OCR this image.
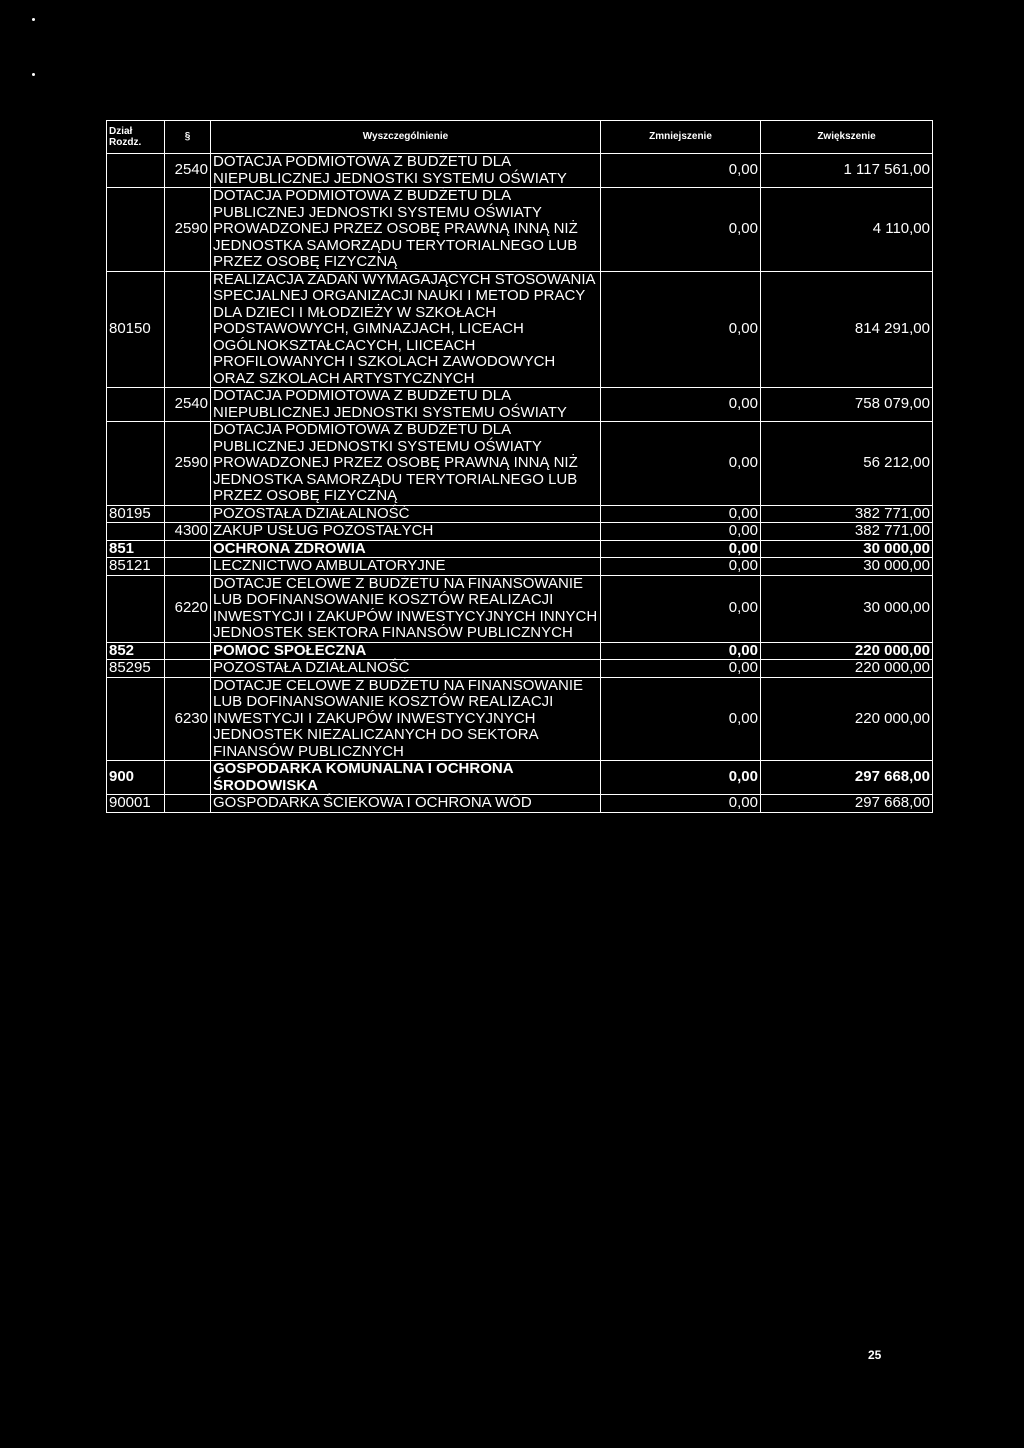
Dział
Rozdz.	§	Wyszczególnienie	Zmniejszenie	Zwiększenie
	2540	DOTACJA PODMIOTOWA Z BUDŻETU DLA NIEPUBLICZNEJ JEDNOSTKI SYSTEMU OŚWIATY	0,00	1 117 561,00
	2590	DOTACJA PODMIOTOWA Z BUDŻETU DLA PUBLICZNEJ JEDNOSTKI SYSTEMU OŚWIATY PROWADZONEJ PRZEZ OSOBĘ PRAWNĄ INNĄ NIŻ JEDNOSTKA SAMORZĄDU TERYTORIALNEGO LUB PRZEZ OSOBĘ FIZYCZNĄ	0,00	4 110,00
80150		REALIZACJA ZADAŃ WYMAGAJĄCYCH STOSOWANIA SPECJALNEJ ORGANIZACJI NAUKI I METOD PRACY DLA DZIECI I MŁODZIEŻY W SZKOŁACH PODSTAWOWYCH, GIMNAZJACH, LICEACH OGÓLNOKSZTAŁCACYCH, LIICEACH PROFILOWANYCH I SZKOLACH ZAWODOWYCH ORAZ SZKOLACH ARTYSTYCZNYCH	0,00	814 291,00
	2540	DOTACJA PODMIOTOWA Z BUDŻETU DLA NIEPUBLICZNEJ JEDNOSTKI SYSTEMU OŚWIATY	0,00	758 079,00
	2590	DOTACJA PODMIOTOWA Z BUDŻETU DLA PUBLICZNEJ JEDNOSTKI SYSTEMU OŚWIATY PROWADZONEJ PRZEZ OSOBĘ PRAWNĄ INNĄ NIŻ JEDNOSTKA SAMORZĄDU TERYTORIALNEGO LUB PRZEZ OSOBĘ FIZYCZNĄ	0,00	56 212,00
80195		POZOSTAŁA DZIAŁALNOŚĆ	0,00	382 771,00
	4300	ZAKUP USŁUG POZOSTAŁYCH	0,00	382 771,00
851		OCHRONA ZDROWIA	0,00	30 000,00
85121		LECZNICTWO AMBULATORYJNE	0,00	30 000,00
	6220	DOTACJE CELOWE Z BUDŻETU NA FINANSOWANIE LUB DOFINANSOWANIE KOSZTÓW REALIZACJI INWESTYCJI I ZAKUPÓW INWESTYCYJNYCH INNYCH JEDNOSTEK SEKTORA FINANSÓW PUBLICZNYCH	0,00	30 000,00
852		POMOC SPOŁECZNA	0,00	220 000,00
85295		POZOSTAŁA DZIAŁALNOŚĆ	0,00	220 000,00
	6230	DOTACJE CELOWE Z BUDŻETU NA FINANSOWANIE LUB DOFINANSOWANIE KOSZTÓW REALIZACJI INWESTYCJI I ZAKUPÓW INWESTYCYJNYCH JEDNOSTEK NIEZALICZANYCH DO SEKTORA FINANSÓW PUBLICZNYCH	0,00	220 000,00
900		GOSPODARKA KOMUNALNA I OCHRONA ŚRODOWISKA	0,00	297 668,00
90001		GOSPODARKA ŚCIEKOWA I OCHRONA WÓD	0,00	297 668,00
25
